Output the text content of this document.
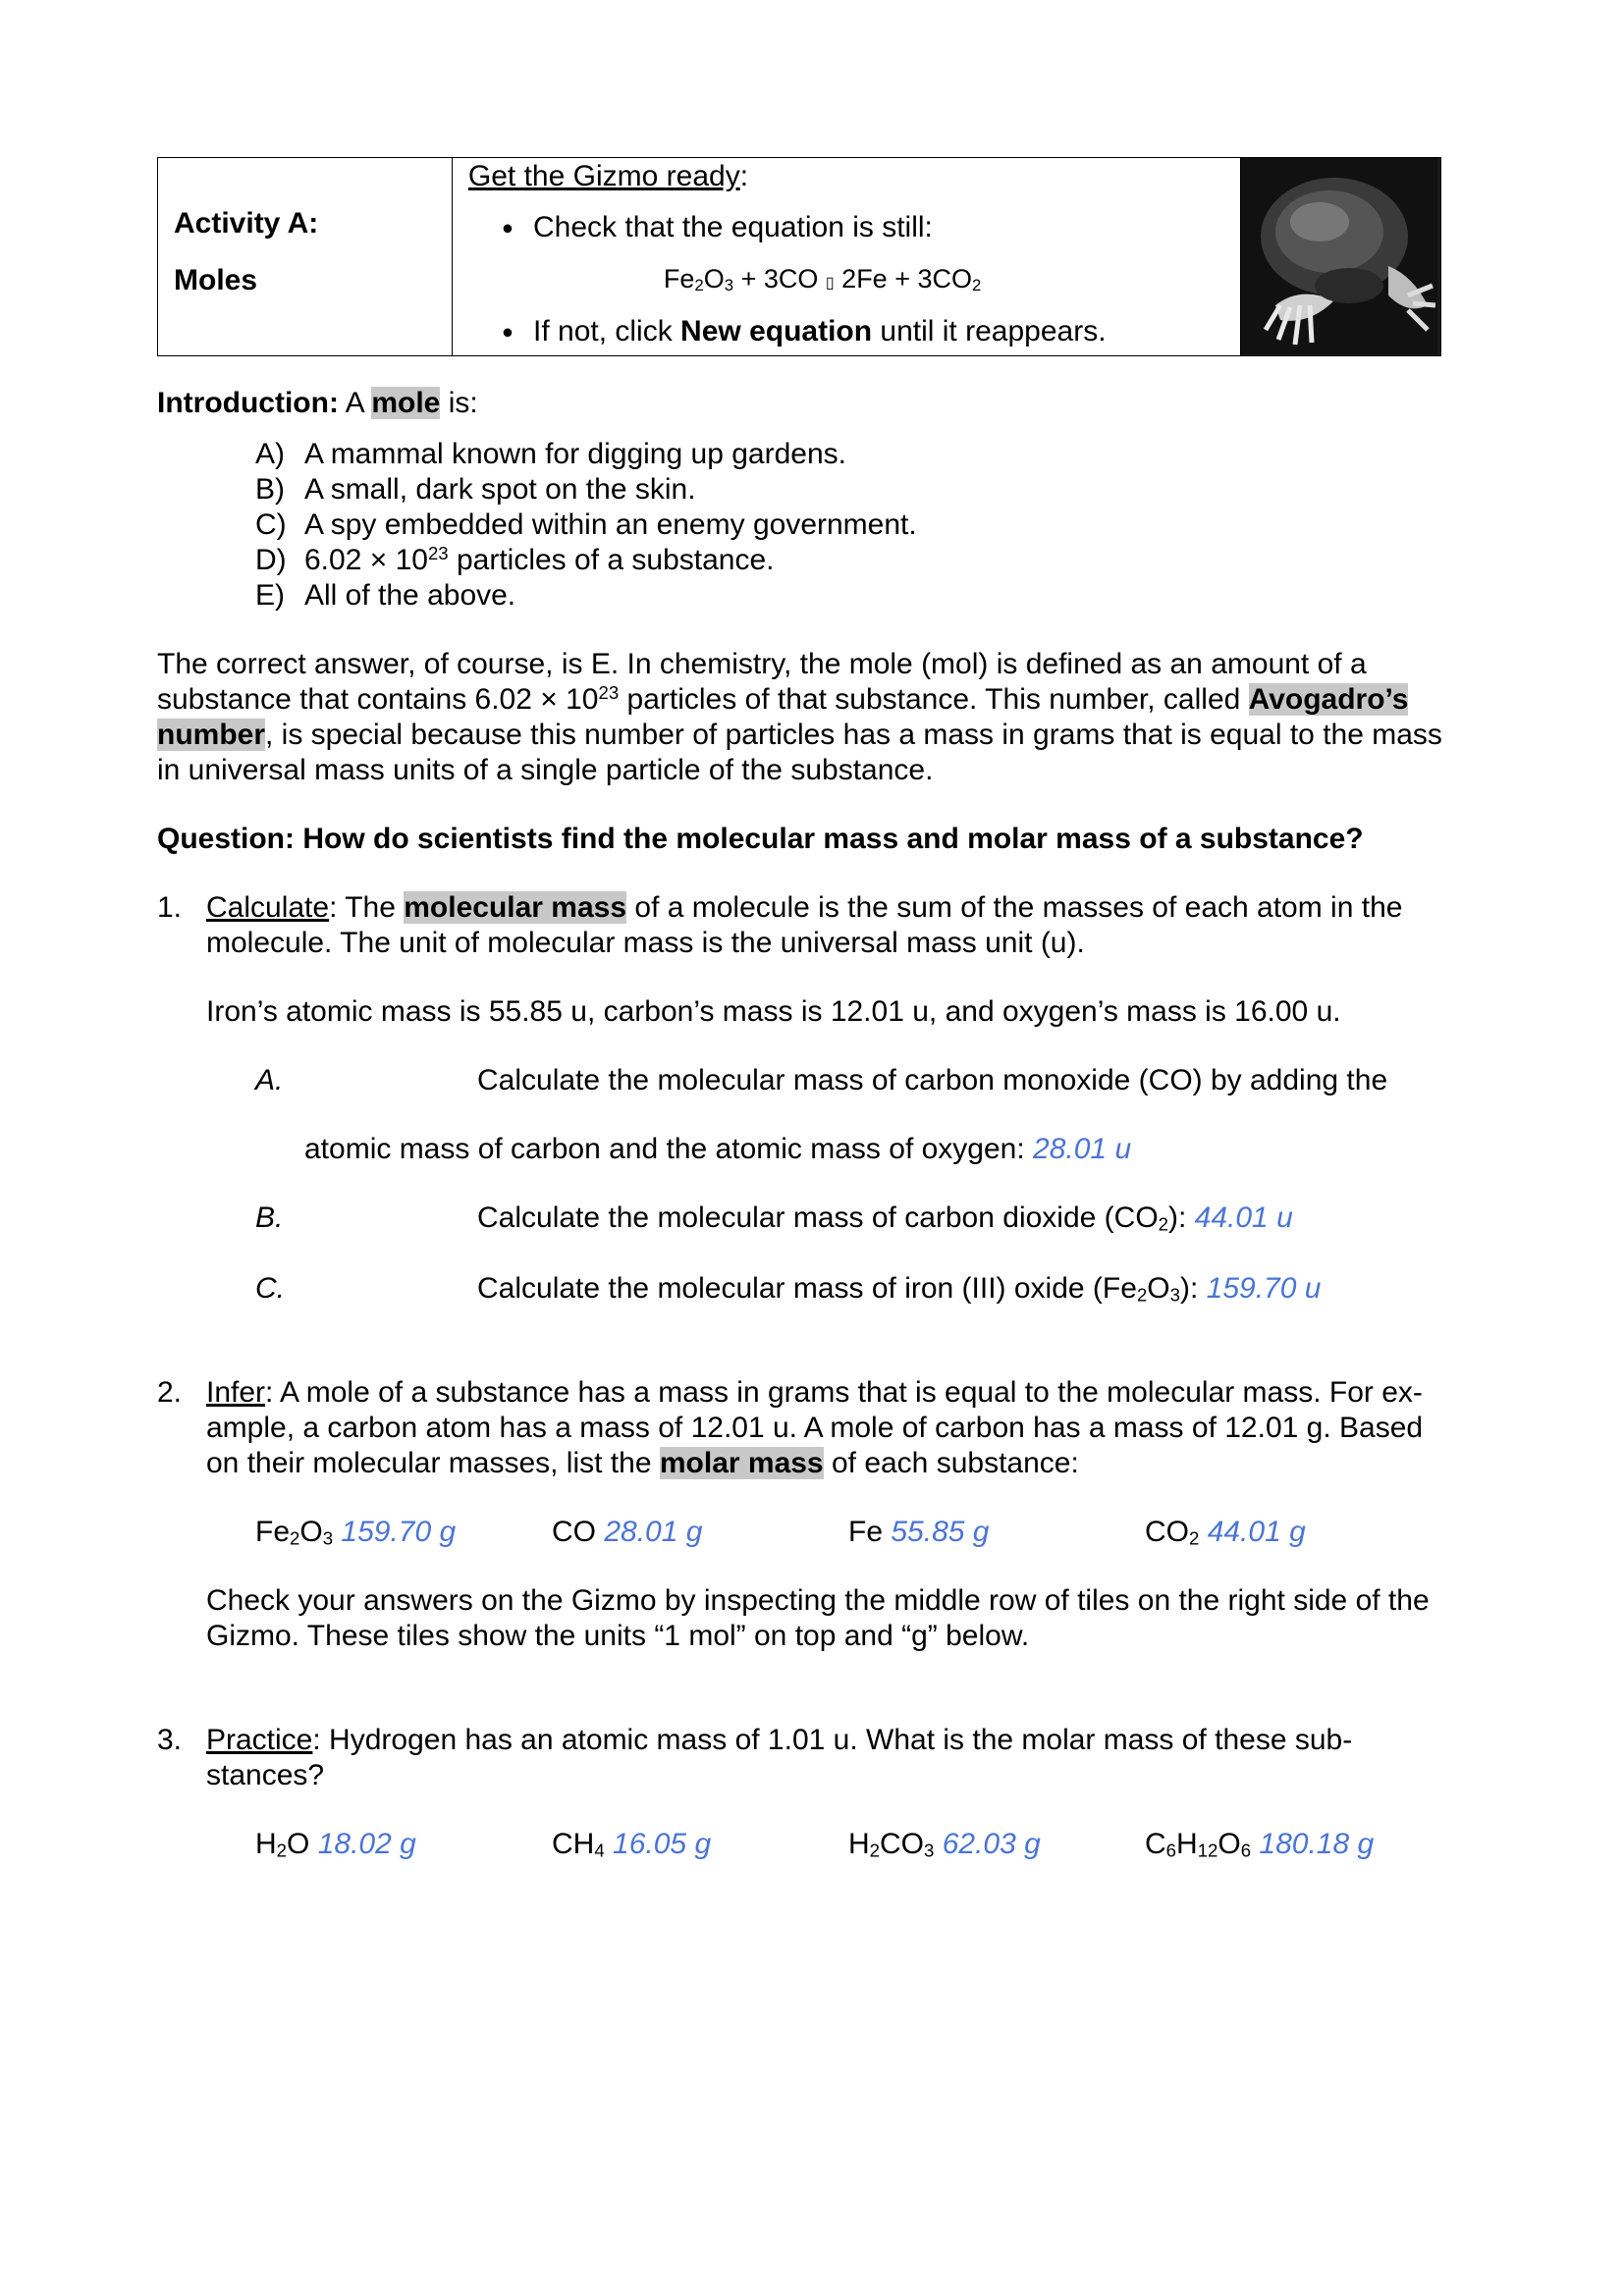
Activity A:
Moles

Get the Gizmo ready:
● Check that the equation is still:
$Fe_2O_3 + 3CO$ ▯ $2Fe + 3CO_2$
● If not, click New equation until it reappears.

Introduction: A mole is:
A) A mammal known for digging up gardens.
B) A small, dark spot on the skin.
C) A spy embedded within an enemy government.
D) $6.02 \times 10^{23}$ particles of a substance.
E) All of the above.
The correct answer, of course, is E. In chemistry, the mole (mol) is defined as an amount of a
substance that contains $6.02 \times 10^{23}$ particles of that substance. This number, called Avogadro’s
number, is special because this number of particles has a mass in grams that is equal to the mass
in universal mass units of a single particle of the substance.
Question: How do scientists find the molecular mass and molar mass of a substance?
1. Calculate: The molecular mass of a molecule is the sum of the masses of each atom in the
molecule. The unit of molecular mass is the universal mass unit (u).
Iron’s atomic mass is 55.85 u, carbon’s mass is 12.01 u, and oxygen’s mass is 16.00 u.
A.	Calculate the molecular mass of carbon monoxide (CO) by adding the
atomic mass of carbon and the atomic mass of oxygen: 28.01 u
B.	Calculate the molecular mass of carbon dioxide $(CO_2)$: 44.01 u
C.	Calculate the molecular mass of iron (III) oxide $(Fe_2O_3)$: 159.70 u
2. Infer: A mole of a substance has a mass in grams that is equal to the molecular mass. For ex-
ample, a carbon atom has a mass of 12.01 u. A mole of carbon has a mass of 12.01 g. Based
on their molecular masses, list the molar mass of each substance:
$Fe_2O_3$ 159.70 g	CO 28.01 g	Fe 55.85 g	$CO_2$ 44.01 g
Check your answers on the Gizmo by inspecting the middle row of tiles on the right side of the
Gizmo. These tiles show the units “1 mol” on top and “g” below.
3. Practice: Hydrogen has an atomic mass of 1.01 u. What is the molar mass of these sub-
stances?
$H_2O$ 18.02 g	$CH_4$ 16.05 g	$H_2CO_3$ 62.03 g	$C_6H_{12}O_6$ 180.18 g
